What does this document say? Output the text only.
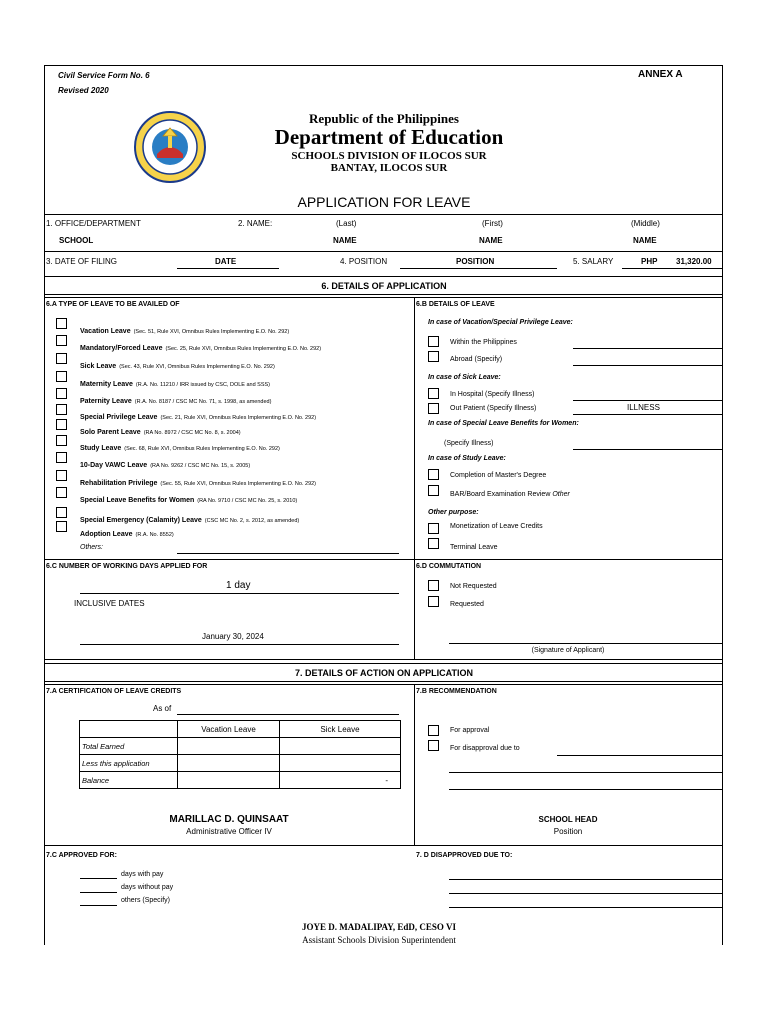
Civil Service Form No. 6
Revised 2020
ANNEX A
Republic of the Philippines
Department of Education
SCHOOLS DIVISION OF ILOCOS SUR
BANTAY, ILOCOS SUR
APPLICATION FOR LEAVE
1. OFFICE/DEPARTMENT
SCHOOL
2. NAME:	(Last)	(First)	(Middle)
NAME	NAME	NAME
3. DATE OF FILING	DATE	4. POSITION	POSITION	5. SALARY	PHP 31,320.00
6. DETAILS OF APPLICATION
6.A TYPE OF LEAVE TO BE AVAILED OF
Vacation Leave (Sec. 51, Rule XVI, Omnibus Rules Implementing E.O. No. 292)
Mandatory/Forced Leave (Sec. 25, Rule XVI, Omnibus Rules Implementing E.O. No. 292)
Sick Leave (Sec. 43, Rule XVI, Omnibus Rules Implementing E.O. No. 292)
Maternity Leave (R.A. No. 11210 / IRR issued by CSC, DOLE and SSS)
Paternity Leave (R.A. No. 8187 / CSC MC No. 71, s. 1998, as amended)
Special Privilege Leave (Sec. 21, Rule XVI, Omnibus Rules Implementing E.O. No. 292)
Solo Parent Leave (RA No. 8972 / CSC MC No. 8, s. 2004)
Study Leave (Sec. 68, Rule XVI, Omnibus Rules Implementing E.O. No. 292)
10-Day VAWC Leave (RA No. 9262 / CSC MC No. 15, s. 2005)
Rehabilitation Privilege (Sec. 55, Rule XVI, Omnibus Rules Implementing E.O. No. 292)
Special Leave Benefits for Women (RA No. 9710 / CSC MC No. 25, s. 2010)
Special Emergency (Calamity) Leave (CSC MC No. 2, s. 2012, as amended)
Adoption Leave (R.A. No. 8552)
Others:
6.B DETAILS OF LEAVE
In case of Vacation/Special Privilege Leave:
Within the Philippines
Abroad (Specify)
In case of Sick Leave:
In Hospital (Specify Illness)
Out Patient (Specify Illness)	ILLNESS
In case of Special Leave Benefits for Women:
(Specify Illness)
In case of Study Leave:
Completion of Master's Degree
BAR/Board Examination Review Other
Other purpose:
Monetization of Leave Credits
Terminal Leave
6.C NUMBER OF WORKING DAYS APPLIED FOR
1 day
INCLUSIVE DATES
January 30, 2024
6.D COMMUTATION
Not Requested
Requested
(Signature of Applicant)
7. DETAILS OF ACTION ON APPLICATION
7.A CERTIFICATION OF LEAVE CREDITS
As of
	Vacation Leave	Sick Leave
Total Earned		
Less this application		
Balance		-
MARILLAC D. QUINSAAT
Administrative Officer IV
7.B RECOMMENDATION
For approval
For disapproval due to
SCHOOL HEAD
Position
7.C APPROVED FOR:
days with pay
days without pay
others (Specify)
7. D DISAPPROVED DUE TO:
JOYE D. MADALIPAY, EdD, CESO VI
Assistant Schools Division Superintendent
